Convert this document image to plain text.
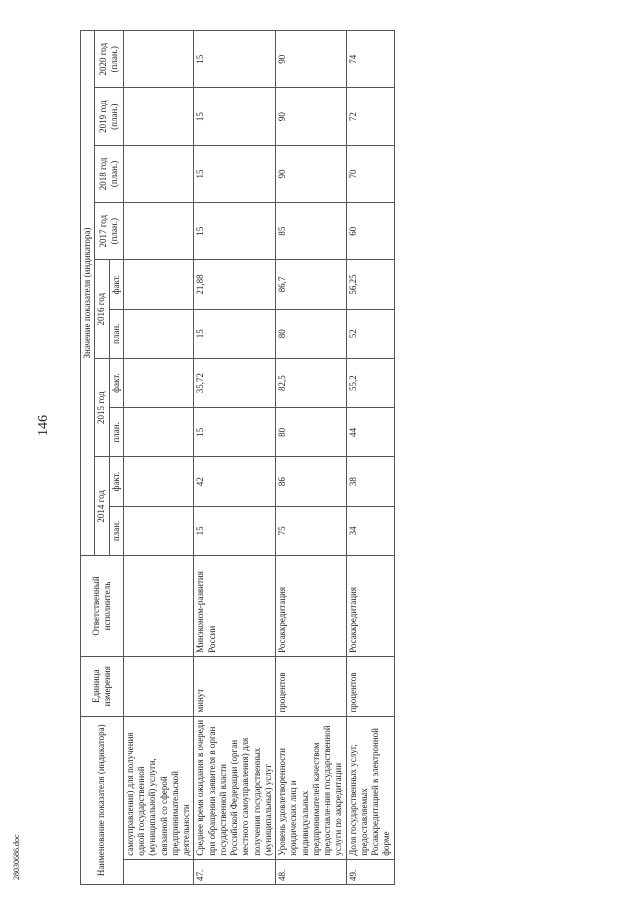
146
28030686.doc	Наименование показателя (индикатора)		Единица измерения	Ответственный исполнитель	Значение показателя (индикатора)									
				2014 год		2015 год		2016 год		2017 год (план.)	2018 год (план.)	2019 год (план.)	2020 год (план.)
				план.	факт.	план.	факт.	план.	факт.				
	самоуправления) для получения одной государственной (муниципальной) услуги, связанной со сферой предпринимательской деятельности												
47.	Среднее время ожидания в очереди при обращении заявителя в орган государственной власти Российской Федерации (орган местного самоуправления) для получения государственных (муниципальных) услуг	минут	Минэконом-развития России	15	42	15	35,72	15	21,88	15	15	15	15
48.	Уровень удовлетворенности юридических лиц и индивидуальных предпринимателей качеством предоставле-ния государственной услуги по аккредитации	процентов	Росаккредитация	75	86	80	82,5	80	86,7	85	90	90	90
49.	Доля государственных услуг, предоставляемых Росаккредитацией в электронной форме	процентов	Росаккредитация	34	38	44	55,2	52	56,25	60	70	72	74
